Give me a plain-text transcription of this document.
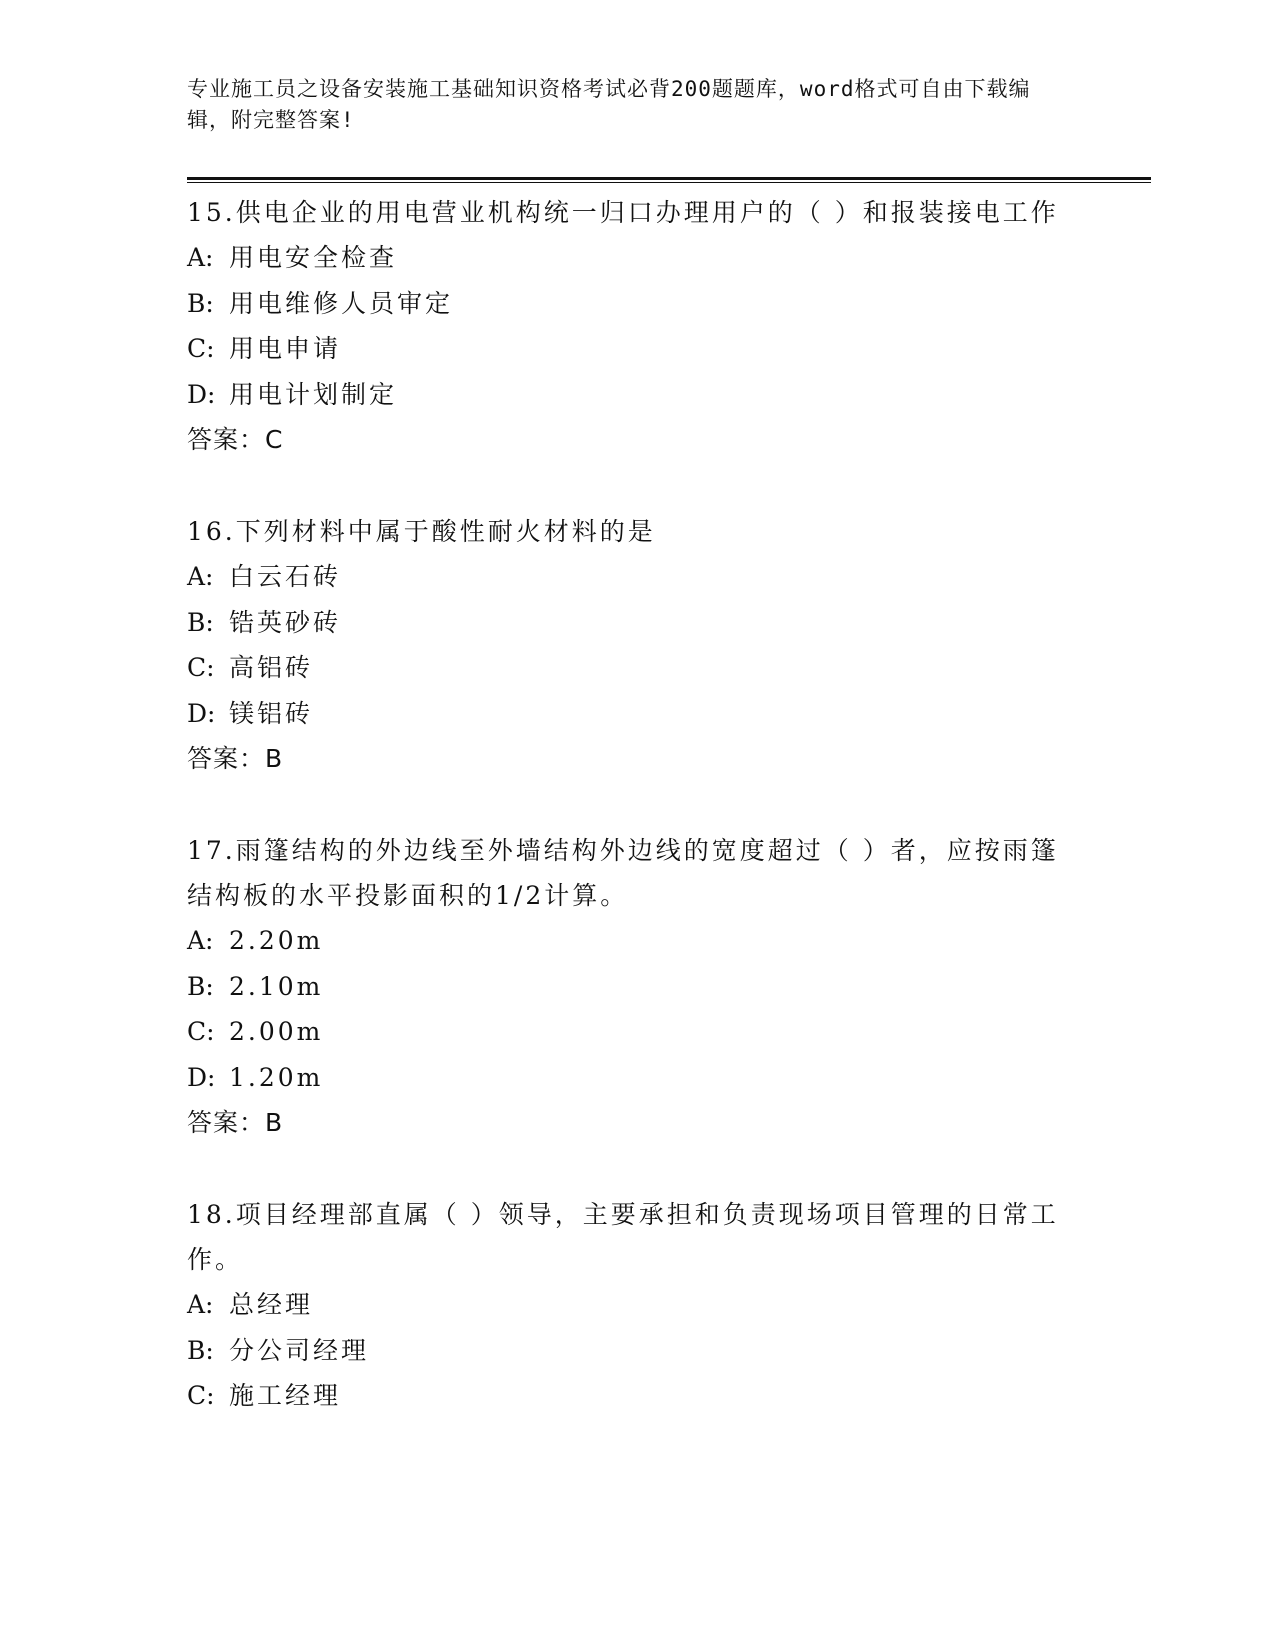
专业施工员之设备安装施工基础知识资格考试必背200题题库，word格式可自由下载编辑，附完整答案!

15.供电企业的用电营业机构统一归口办理用户的（ ）和报装接电工作

A: 用电安全检查

B: 用电维修人员审定

C: 用电申请

D: 用电计划制定

答案：C

16.下列材料中属于酸性耐火材料的是

A: 白云石砖

B: 锆英砂砖

C: 高铝砖

D: 镁铝砖

答案：B

17.雨篷结构的外边线至外墙结构外边线的宽度超过（ ）者，应按雨篷结构板的水平投影面积的1/2计算。

A: 2.20m

B: 2.10m

C: 2.00m

D: 1.20m

答案：B

18.项目经理部直属（ ）领导，主要承担和负责现场项目管理的日常工作。

A: 总经理

B: 分公司经理

C: 施工经理
